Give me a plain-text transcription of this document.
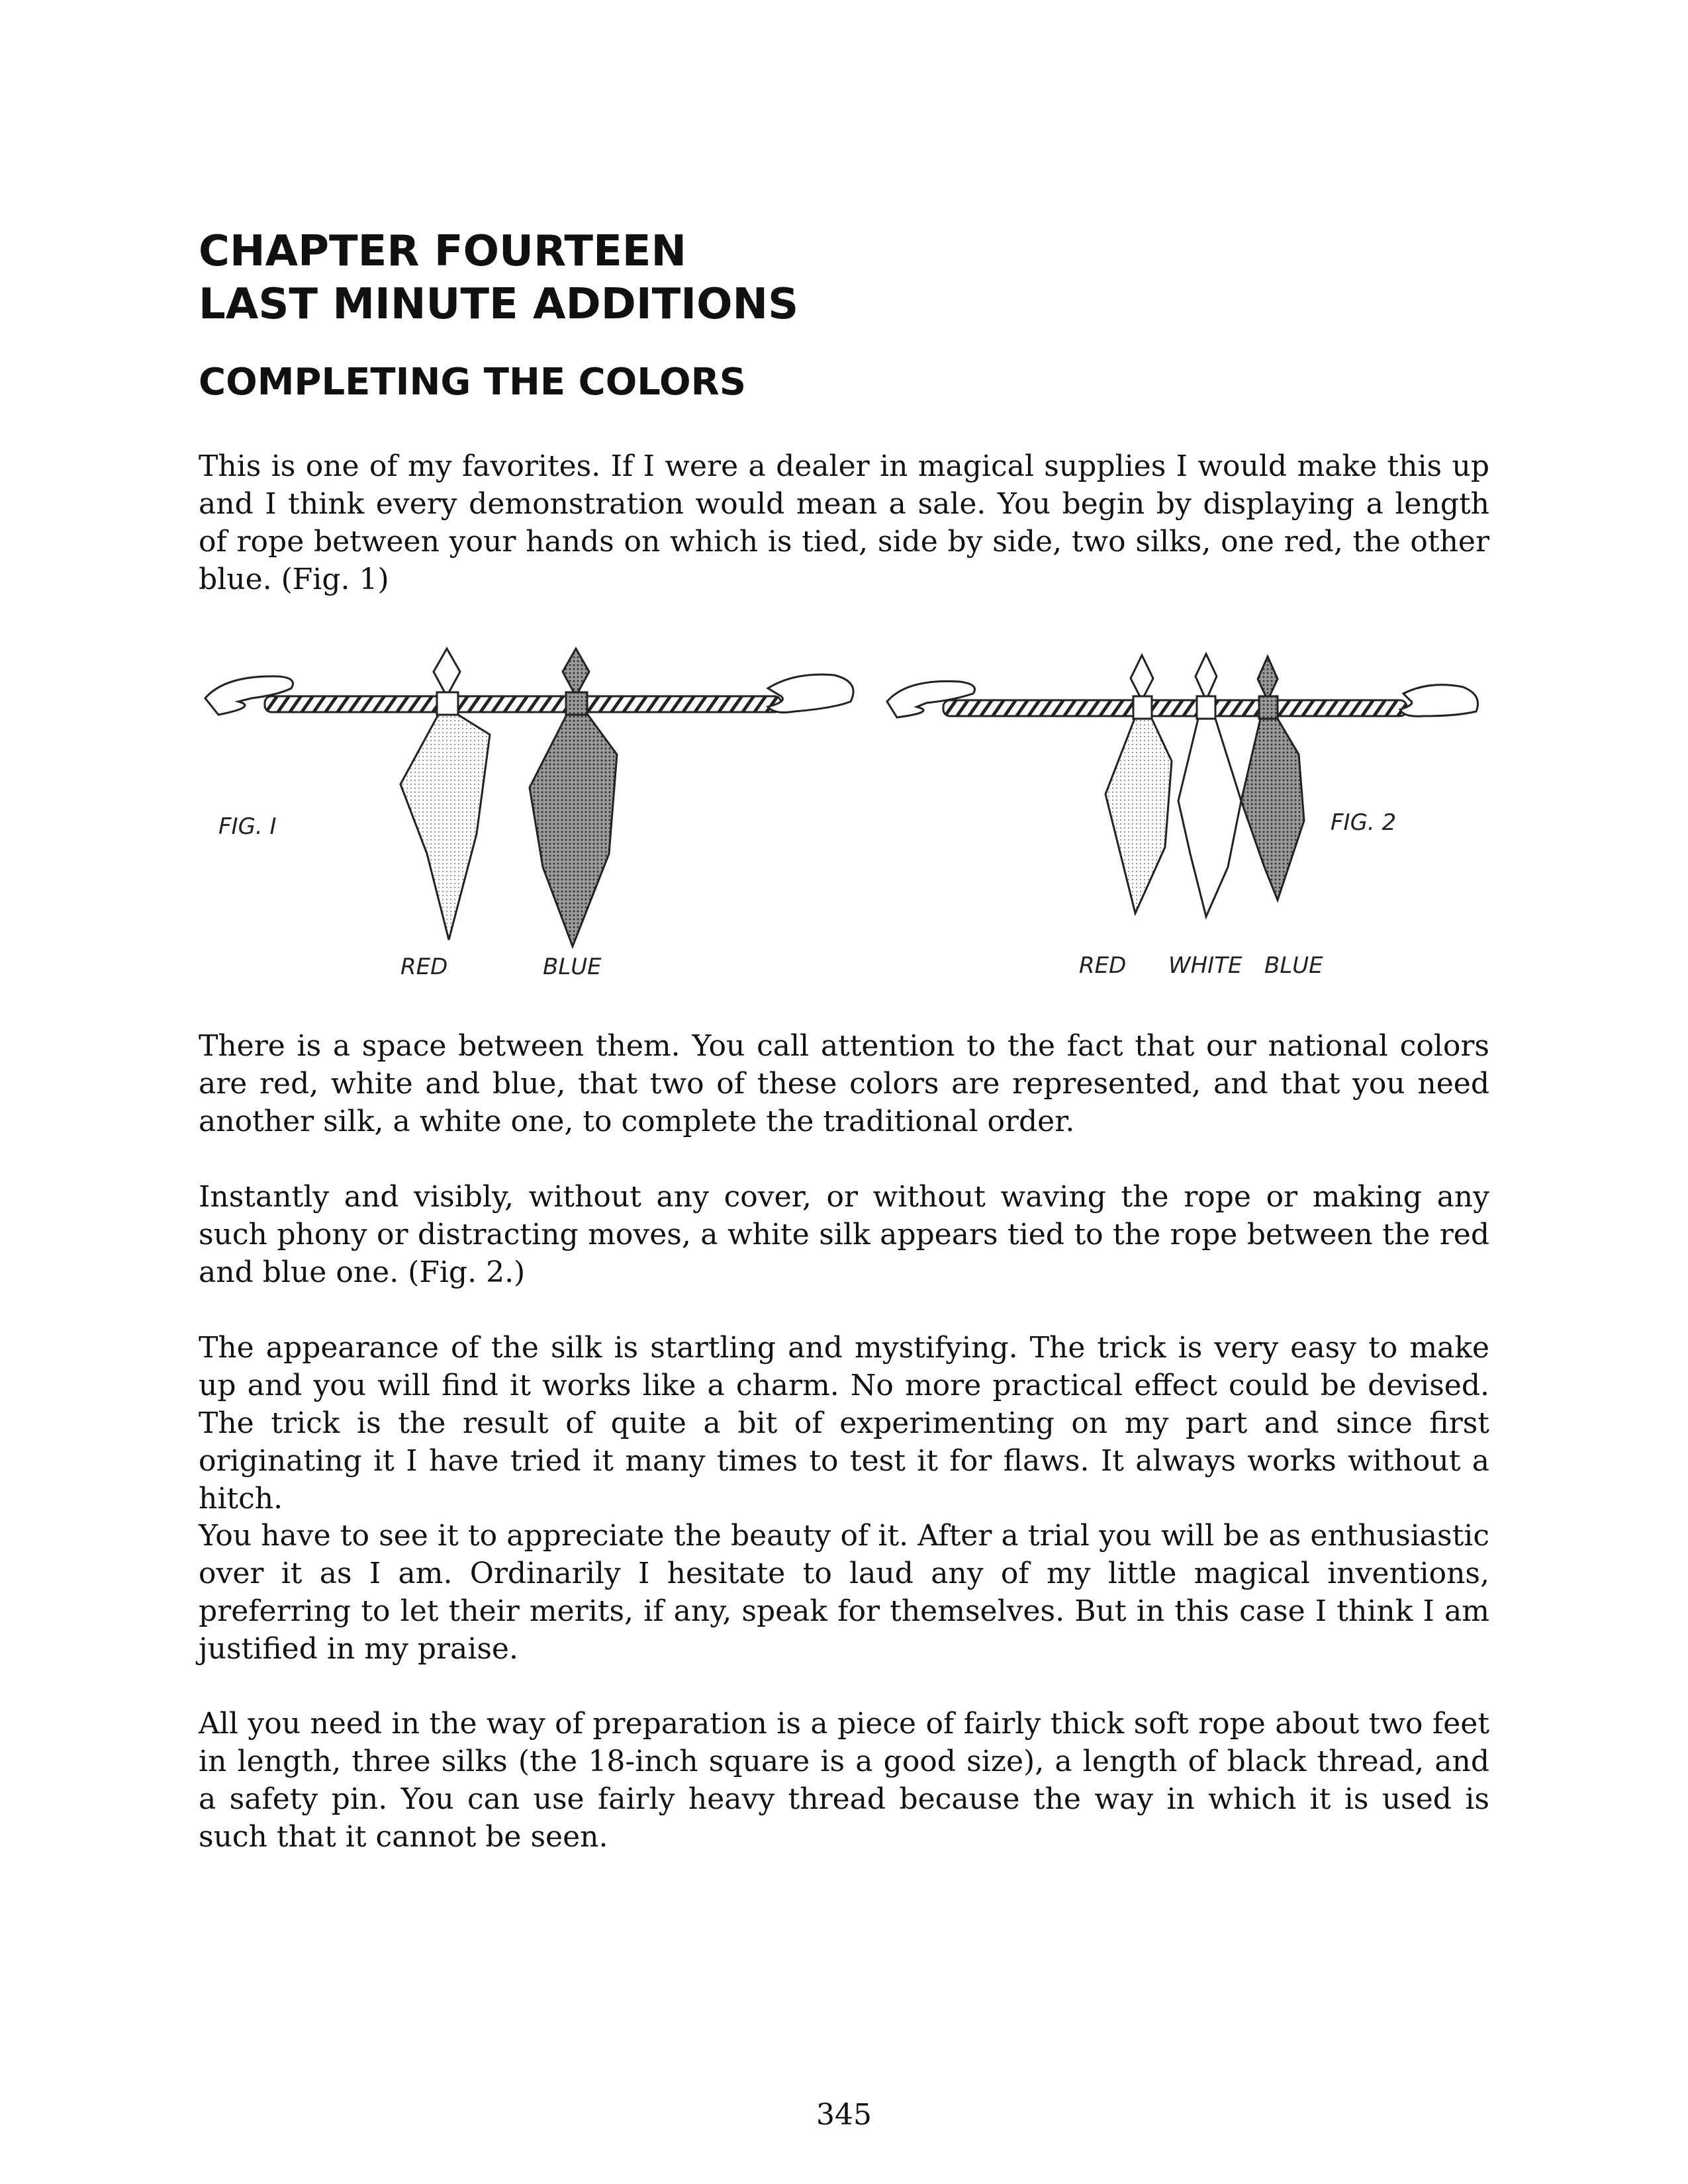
CHAPTER FOURTEEN
LAST MINUTE ADDITIONS
COMPLETING THE COLORS

This is one of my favorites. If I were a dealer in magical supplies I would make this up and I think every demonstration would mean a sale. You begin by displaying a length of rope between your hands on which is tied, side by side, two silks, one red, the other blue. (Fig. 1)

FIG. I
RED	BLUE
FIG. 2
RED WHITE BLUE

There is a space between them. You call attention to the fact that our national colors are red, white and blue, that two of these colors are represented, and that you need another silk, a white one, to complete the traditional order.

Instantly and visibly, without any cover, or without waving the rope or making any such phony or distracting moves, a white silk appears tied to the rope between the red and blue one. (Fig. 2.)

The appearance of the silk is startling and mystifying. The trick is very easy to make up and you will find it works like a charm. No more practical effect could be devised. The trick is the result of quite a bit of experimenting on my part and since first originating it I have tried it many times to test it for flaws. It always works without a hitch.

You have to see it to appreciate the beauty of it. After a trial you will be as enthusiastic over it as I am. Ordinarily I hesitate to laud any of my little magical inventions, preferring to let their merits, if any, speak for themselves. But in this case I think I am justified in my praise.

All you need in the way of preparation is a piece of fairly thick soft rope about two feet in length, three silks (the 18-inch square is a good size), a length of black thread, and a safety pin. You can use fairly heavy thread because the way in which it is used is such that it cannot be seen.

345
